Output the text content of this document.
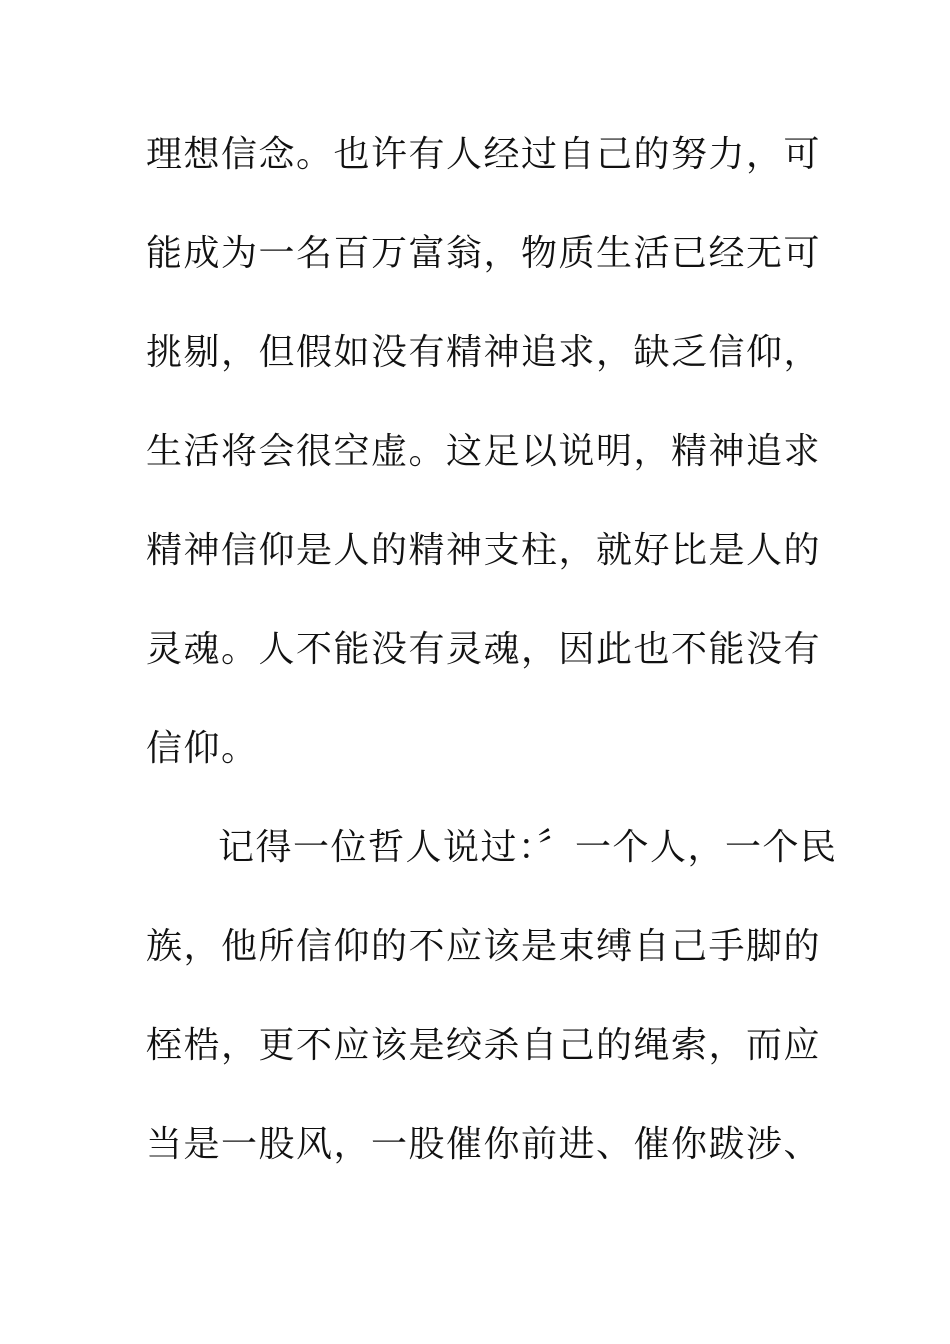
理想信念。也许有人经过自己的努力，可
能成为一名百万富翁，物质生活已经无可
挑剔，但假如没有精神追求，缺乏信仰，
生活将会很空虚。这足以说明，精神追求
精神信仰是人的精神支柱，就好比是人的
灵魂。人不能没有灵魂，因此也不能没有
信仰。
记得一位哲人说过：〞一个人，一个民
族，他所信仰的不应该是束缚自己手脚的
桎梏，更不应该是绞杀自己的绳索，而应
当是一股风，一股催你前进、催你跋涉、
